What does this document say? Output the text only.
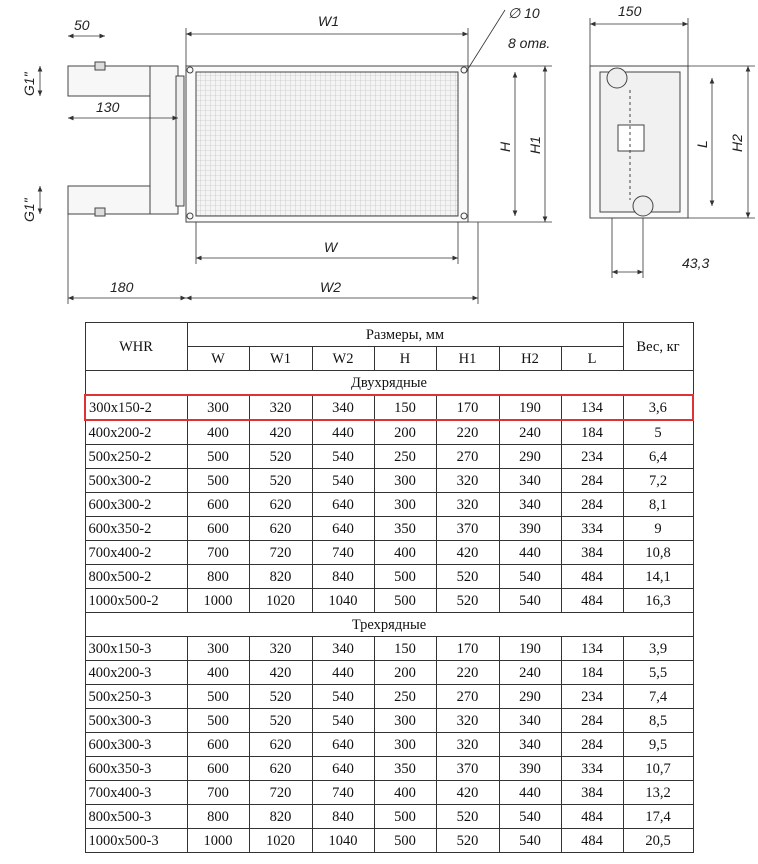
50	W1	∅ 10
8 отв.
150
G1"
G1"
130
H H1	L H2
W
43,3
180	W2
WHR	Размеры, мм							Вес, кг
	W	W1	W2	H	H1	H2	L	
Двухрядные								
300x150-2	300	320	340	150	170	190	134	3,6
400x200-2	400	420	440	200	220	240	184	5
500x250-2	500	520	540	250	270	290	234	6,4
500x300-2	500	520	540	300	320	340	284	7,2
600x300-2	600	620	640	300	320	340	284	8,1
600x350-2	600	620	640	350	370	390	334	9
700x400-2	700	720	740	400	420	440	384	10,8
800x500-2	800	820	840	500	520	540	484	14,1
1000x500-2	1000	1020	1040	500	520	540	484	16,3
Трехрядные								
300x150-3	300	320	340	150	170	190	134	3,9
400x200-3	400	420	440	200	220	240	184	5,5
500x250-3	500	520	540	250	270	290	234	7,4
500x300-3	500	520	540	300	320	340	284	8,5
600x300-3	600	620	640	300	320	340	284	9,5
600x350-3	600	620	640	350	370	390	334	10,7
700x400-3	700	720	740	400	420	440	384	13,2
800x500-3	800	820	840	500	520	540	484	17,4
1000x500-3	1000	1020	1040	500	520	540	484	20,5
